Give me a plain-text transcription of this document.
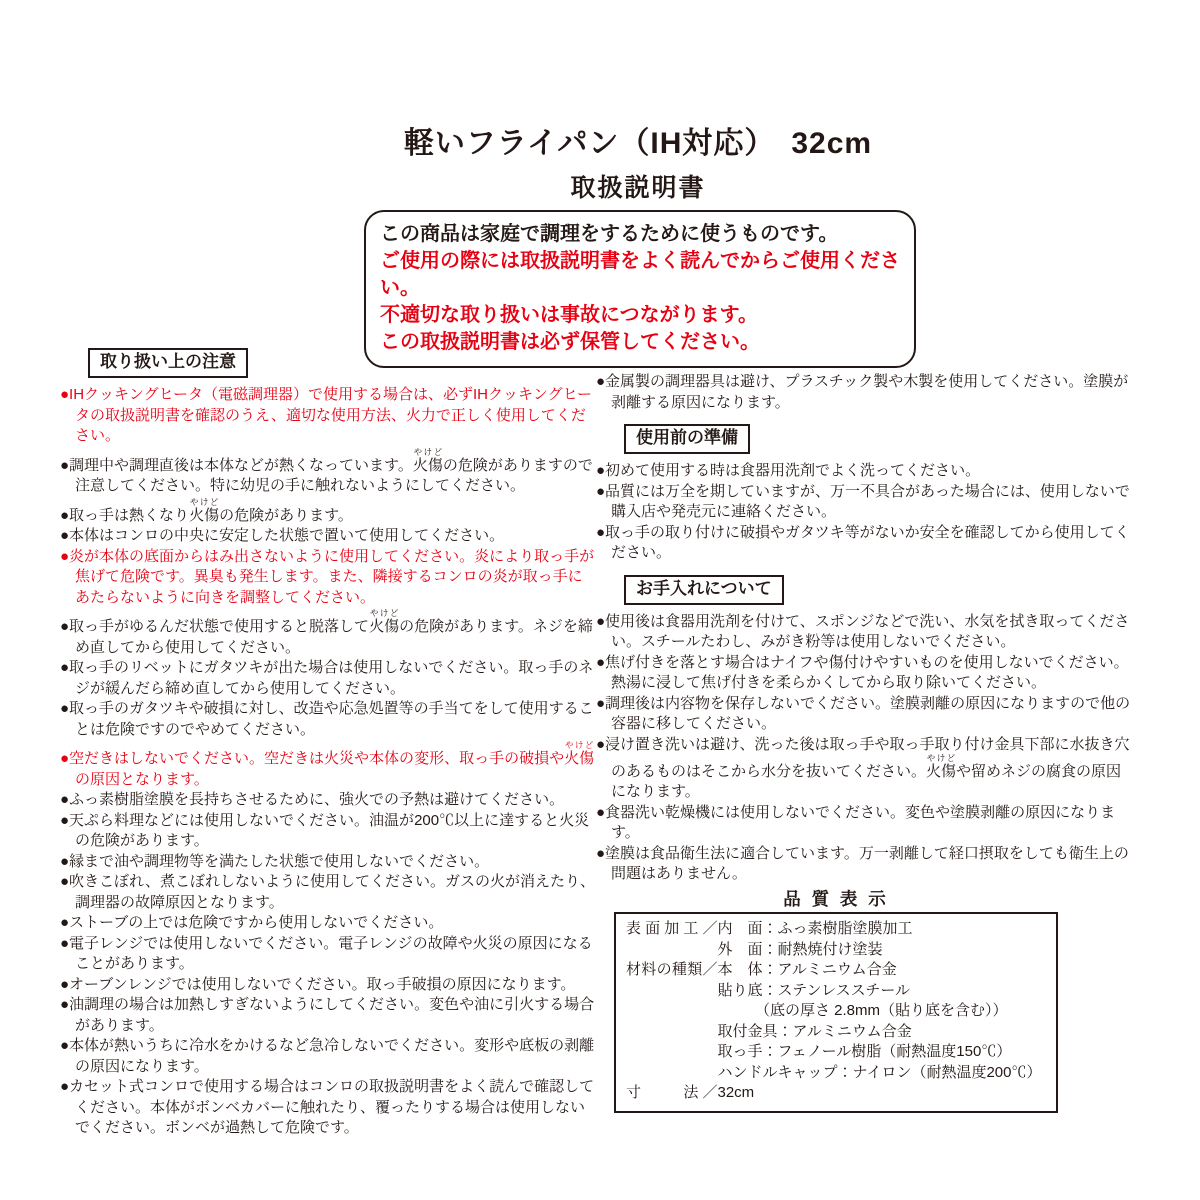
軽いフライパン（IH対応）　32cm
取扱説明書

この商品は家庭で調理をするために使うものです。

ご使用の際には取扱説明書をよく読んでからご使用ください。

不適切な取り扱いは事故につながります。

この取扱説明書は必ず保管してください。

取り扱い上の注意

●IHクッキングヒータ（電磁調理器）で使用する場合は、必ずIHクッキングヒータの取扱説明書を確認のうえ、適切な使用方法、火力で正しく使用してください。

●調理中や調理直後は本体などが熱くなっています。火傷やけどの危険がありますので注意してください。特に幼児の手に触れないようにしてください。

●取っ手は熱くなり火傷やけどの危険があります。

●本体はコンロの中央に安定した状態で置いて使用してください。

●炎が本体の底面からはみ出さないように使用してください。炎により取っ手が焦げて危険です。異臭も発生します。また、隣接するコンロの炎が取っ手にあたらないように向きを調整してください。

●取っ手がゆるんだ状態で使用すると脱落して火傷やけどの危険があります。ネジを締め直してから使用してください。

●取っ手のリベットにガタツキが出た場合は使用しないでください。取っ手のネジが緩んだら締め直してから使用してください。

●取っ手のガタツキや破損に対し、改造や応急処置等の手当てをして使用することは危険ですのでやめてください。

●空だきはしないでください。空だきは火災や本体の変形、取っ手の破損や火傷やけどの原因となります。

●ふっ素樹脂塗膜を長持ちさせるために、強火での予熱は避けてください。

●天ぷら料理などには使用しないでください。油温が200℃以上に達すると火災の危険があります。

●縁まで油や調理物等を満たした状態で使用しないでください。

●吹きこぼれ、煮こぼれしないように使用してください。ガスの火が消えたり、調理器の故障原因となります。

●ストーブの上では危険ですから使用しないでください。

●電子レンジでは使用しないでください。電子レンジの故障や火災の原因になることがあります。

●オーブンレンジでは使用しないでください。取っ手破損の原因になります。

●油調理の場合は加熱しすぎないようにしてください。変色や油に引火する場合があります。

●本体が熱いうちに冷水をかけるなど急冷しないでください。変形や底板の剥離の原因になります。

●カセット式コンロで使用する場合はコンロの取扱説明書をよく読んで確認してください。本体がボンベカバーに触れたり、覆ったりする場合は使用しないでください。ボンベが過熱して危険です。

●金属製の調理器具は避け、プラスチック製や木製を使用してください。塗膜が剥離する原因になります。

使用前の準備

●初めて使用する時は食器用洗剤でよく洗ってください。

●品質には万全を期していますが、万一不具合があった場合には、使用しないで購入店や発売元に連絡ください。

●取っ手の取り付けに破損やガタツキ等がないか安全を確認してから使用してください。

お手入れについて

●使用後は食器用洗剤を付けて、スポンジなどで洗い、水気を拭き取ってください。スチールたわし、みがき粉等は使用しないでください。

●焦げ付きを落とす場合はナイフや傷付けやすいものを使用しないでください。熱湯に浸して焦げ付きを柔らかくしてから取り除いてください。

●調理後は内容物を保存しないでください。塗膜剥離の原因になりますので他の容器に移してください。

●浸け置き洗いは避け、洗った後は取っ手や取っ手取り付け金具下部に水抜き穴のあるものはそこから水分を抜いてください。火傷やけどや留めネジの腐食の原因になります。

●食器洗い乾燥機には使用しないでください。変色や塗膜剥離の原因になります。

●塗膜は食品衛生法に適合しています。万一剥離して経口摂取をしても衛生上の問題はありません。

品 質 表 示
表面加工／ 内　面：ふっ素樹脂塗膜加工
外　面：耐熱焼付け塗装
材料の種類／ 本　体：アルミニウム合金
貼り底：ステンレススチール
　　　（底の厚さ 2.8mm（貼り底を含む））
取付金具：アルミニウム合金
取っ手：フェノール樹脂（耐熱温度150℃）
ハンドルキャップ：ナイロン（耐熱温度200℃）
寸　　法／ 32cm
